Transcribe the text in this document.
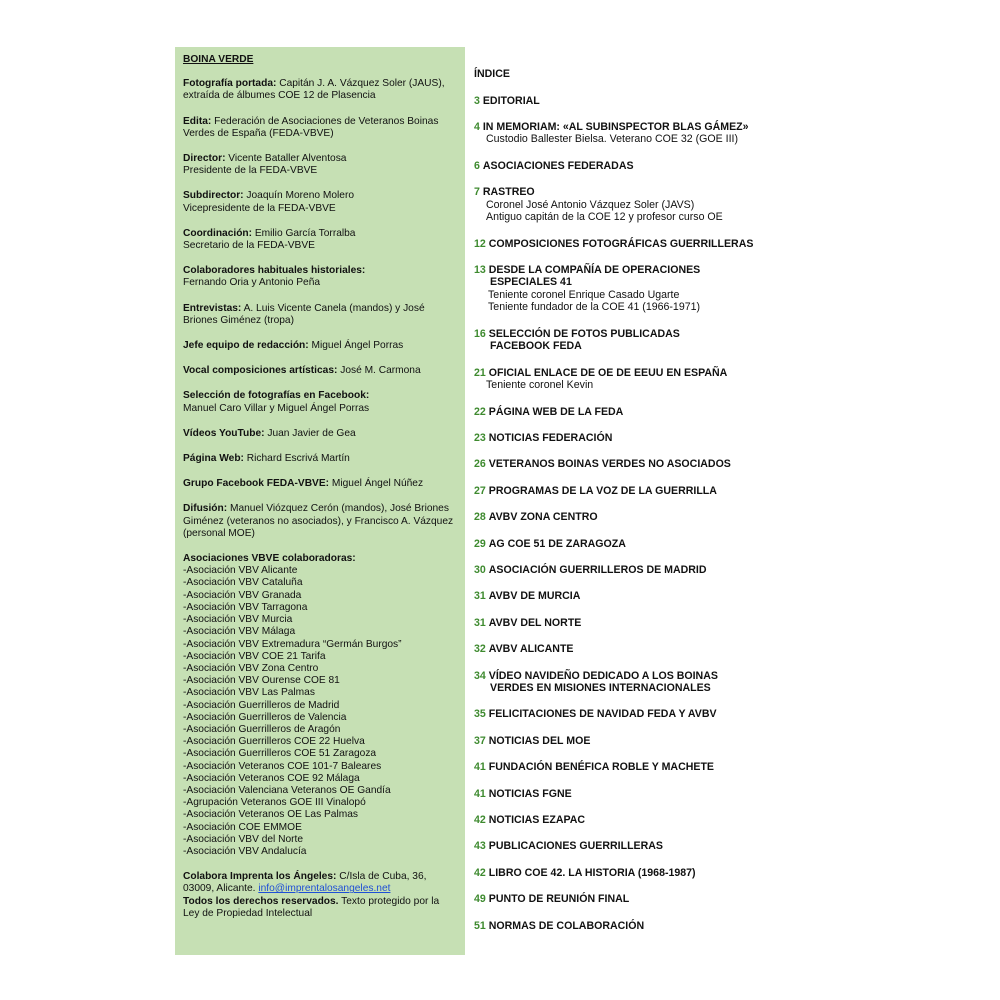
BOINA VERDE
Fotografía portada: Capitán J. A. Vázquez Soler (JAUS), extraída de álbumes COE 12 de Plasencia
Edita: Federación de Asociaciones de Veteranos Boinas Verdes de España (FEDA-VBVE)
Director: Vicente Bataller Alventosa
Presidente de la FEDA-VBVE
Subdirector: Joaquín Moreno Molero
Vicepresidente de la FEDA-VBVE
Coordinación: Emilio García Torralba
Secretario de la FEDA-VBVE
Colaboradores habituales historiales:
Fernando Oria y Antonio Peña
Entrevistas: A. Luis Vicente Canela (mandos) y José Briones Giménez (tropa)
Jefe equipo de redacción: Miguel Ángel Porras
Vocal composiciones artísticas: José M. Carmona
Selección de fotografías en Facebook:
Manuel Caro Villar y Miguel Ángel Porras
Vídeos YouTube: Juan Javier de Gea
Página Web: Richard Escrivá Martín
Grupo Facebook FEDA-VBVE: Miguel Ángel Núñez
Difusión: Manuel Viózquez Cerón (mandos), José Briones Giménez (veteranos no asociados), y Francisco A. Vázquez (personal MOE)
Asociaciones VBVE colaboradoras:
-Asociación VBV Alicante
-Asociación VBV Cataluña
-Asociación VBV Granada
-Asociación VBV Tarragona
-Asociación VBV Murcia
-Asociación VBV Málaga
-Asociación VBV Extremadura “Germán Burgos”
-Asociación VBV COE 21 Tarifa
-Asociación VBV Zona Centro
-Asociación VBV Ourense COE 81
-Asociación VBV Las Palmas
-Asociación Guerrilleros de Madrid
-Asociación Guerrilleros de Valencia
-Asociación Guerrilleros de Aragón
-Asociación Guerrilleros COE 22 Huelva
-Asociación Guerrilleros COE 51 Zaragoza
-Asociación Veteranos COE 101-7 Baleares
-Asociación Veteranos COE 92 Málaga
-Asociación Valenciana Veteranos OE Gandía
-Agrupación Veteranos GOE III Vinalopó
-Asociación Veteranos OE Las Palmas
-Asociación COE EMMOE
-Asociación VBV del Norte
-Asociación VBV Andalucía
Colabora Imprenta los Ángeles: C/Isla de Cuba, 36, 03009, Alicante. info@imprentalosangeles.net
Todos los derechos reservados. Texto protegido por la Ley de Propiedad Intelectual
ÍNDICE
3 EDITORIAL
4 IN MEMORIAM: «AL SUBINSPECTOR BLAS GÁMEZ»
Custodio Ballester Bielsa. Veterano COE 32 (GOE III)
6 ASOCIACIONES FEDERADAS
7 RASTREO
Coronel José Antonio Vázquez Soler (JAVS)
Antiguo capitán de la COE 12 y profesor curso OE
12 COMPOSICIONES FOTOGRÁFICAS GUERRILLERAS
13 DESDE LA COMPAÑÍA DE OPERACIONES
ESPECIALES 41
Teniente coronel Enrique Casado Ugarte
Teniente fundador de la COE 41 (1966-1971)
16 SELECCIÓN DE FOTOS PUBLICADAS
FACEBOOK FEDA
21 OFICIAL ENLACE DE OE DE EEUU EN ESPAÑA
Teniente coronel Kevin
22 PÁGINA WEB DE LA FEDA
23 NOTICIAS FEDERACIÓN
26 VETERANOS BOINAS VERDES NO ASOCIADOS
27 PROGRAMAS DE LA VOZ DE LA GUERRILLA
28 AVBV ZONA CENTRO
29 AG COE 51 DE ZARAGOZA
30 ASOCIACIÓN GUERRILLEROS DE MADRID
31 AVBV DE MURCIA
31 AVBV DEL NORTE
32 AVBV ALICANTE
34 VÍDEO NAVIDEÑO DEDICADO A LOS BOINAS
VERDES EN MISIONES INTERNACIONALES
35 FELICITACIONES DE NAVIDAD FEDA Y AVBV
37 NOTICIAS DEL MOE
41 FUNDACIÓN BENÉFICA ROBLE Y MACHETE
41 NOTICIAS FGNE
42 NOTICIAS EZAPAC
43 PUBLICACIONES GUERRILLERAS
42 LIBRO COE 42. LA HISTORIA (1968-1987)
49 PUNTO DE REUNIÓN FINAL
51 NORMAS DE COLABORACIÓN
